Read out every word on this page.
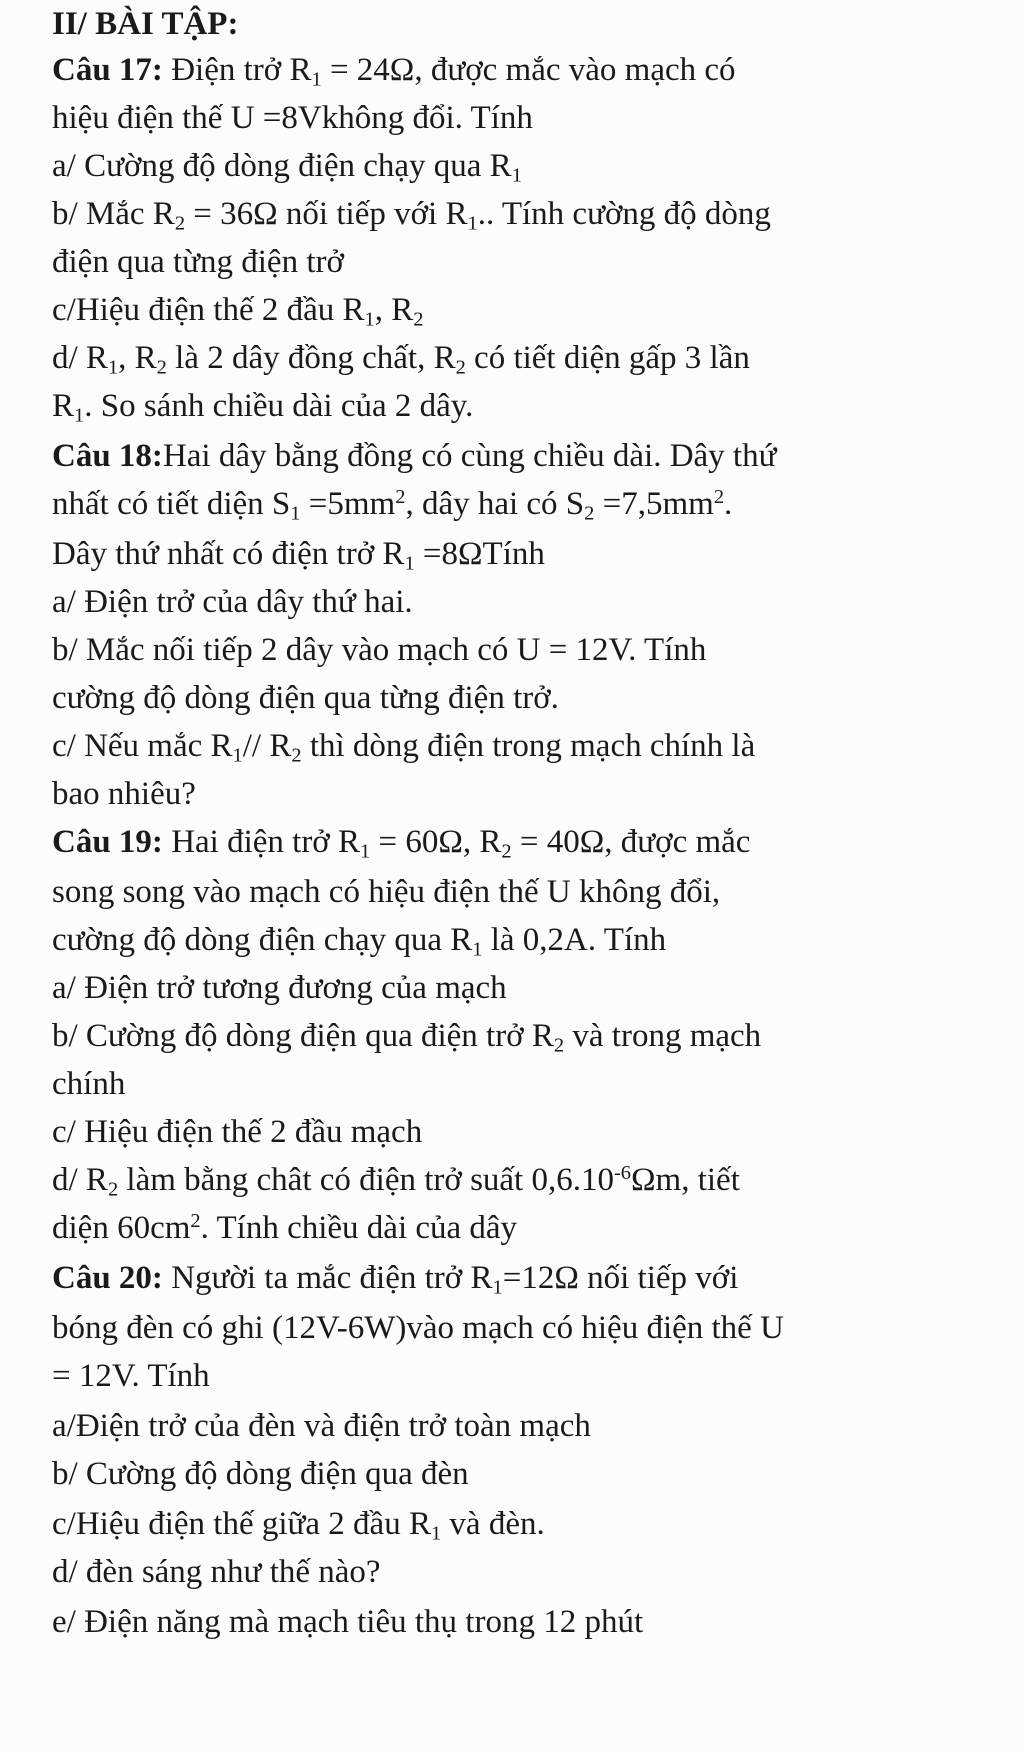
II/ BÀI TẬP:
Câu 17: Điện trở $R_1 = 24\Omega$, được mắc vào mạch có
hiệu điện thế U =8Vkhông đổi. Tính
a/ Cường độ dòng điện chạy qua $R_1$
b/ Mắc $R_2 = 36\Omega$ nối tiếp với $R_1$.. Tính cường độ dòng
điện qua từng điện trở
c/Hiệu điện thế 2 đầu $R_1$, $R_2$
d/ $R_1$, $R_2$ là 2 dây đồng chất, $R_2$ có tiết diện gấp 3 lần
$R_1$. So sánh chiều dài của 2 dây.
Câu 18:Hai dây bằng đồng có cùng chiều dài. Dây thứ
nhất có tiết diện $S_1 =5mm^2$, dây hai có $S_2 =7,5mm^2$.
Dây thứ nhất có điện trở $R_1$ =8ΩTính
a/ Điện trở của dây thứ hai.
b/ Mắc nối tiếp 2 dây vào mạch có U = 12V. Tính
cường độ dòng điện qua từng điện trở.
c/ Nếu mắc $R_1//$ $R_2$ thì dòng điện trong mạch chính là
bao nhiêu?
Câu 19: Hai điện trở $R_1 = 60\Omega$, $R_2 = 40\Omega$, được mắc
song song vào mạch có hiệu điện thế U không đổi,
cường độ dòng điện chạy qua $R_1$ là 0,2A. Tính
a/ Điện trở tương đương của mạch
b/ Cường độ dòng điện qua điện trở $R_2$ và trong mạch
chính
c/ Hiệu điện thế 2 đầu mạch
d/ $R_2$ làm bằng chât có điện trở suất $0,6.10^{-6}\Omega m$, tiết
diện $60cm^2$. Tính chiều dài của dây
Câu 20: Người ta mắc điện trở $R_1=12\Omega$ nối tiếp với
bóng đèn có ghi (12V-6W)vào mạch có hiệu điện thế U
= 12V. Tính
a/Điện trở của đèn và điện trở toàn mạch
b/ Cường độ dòng điện qua đèn
c/Hiệu điện thế giữa 2 đầu $R_1$ và đèn.
d/ đèn sáng như thế nào?
e/ Điện năng mà mạch tiêu thụ trong 12 phút
